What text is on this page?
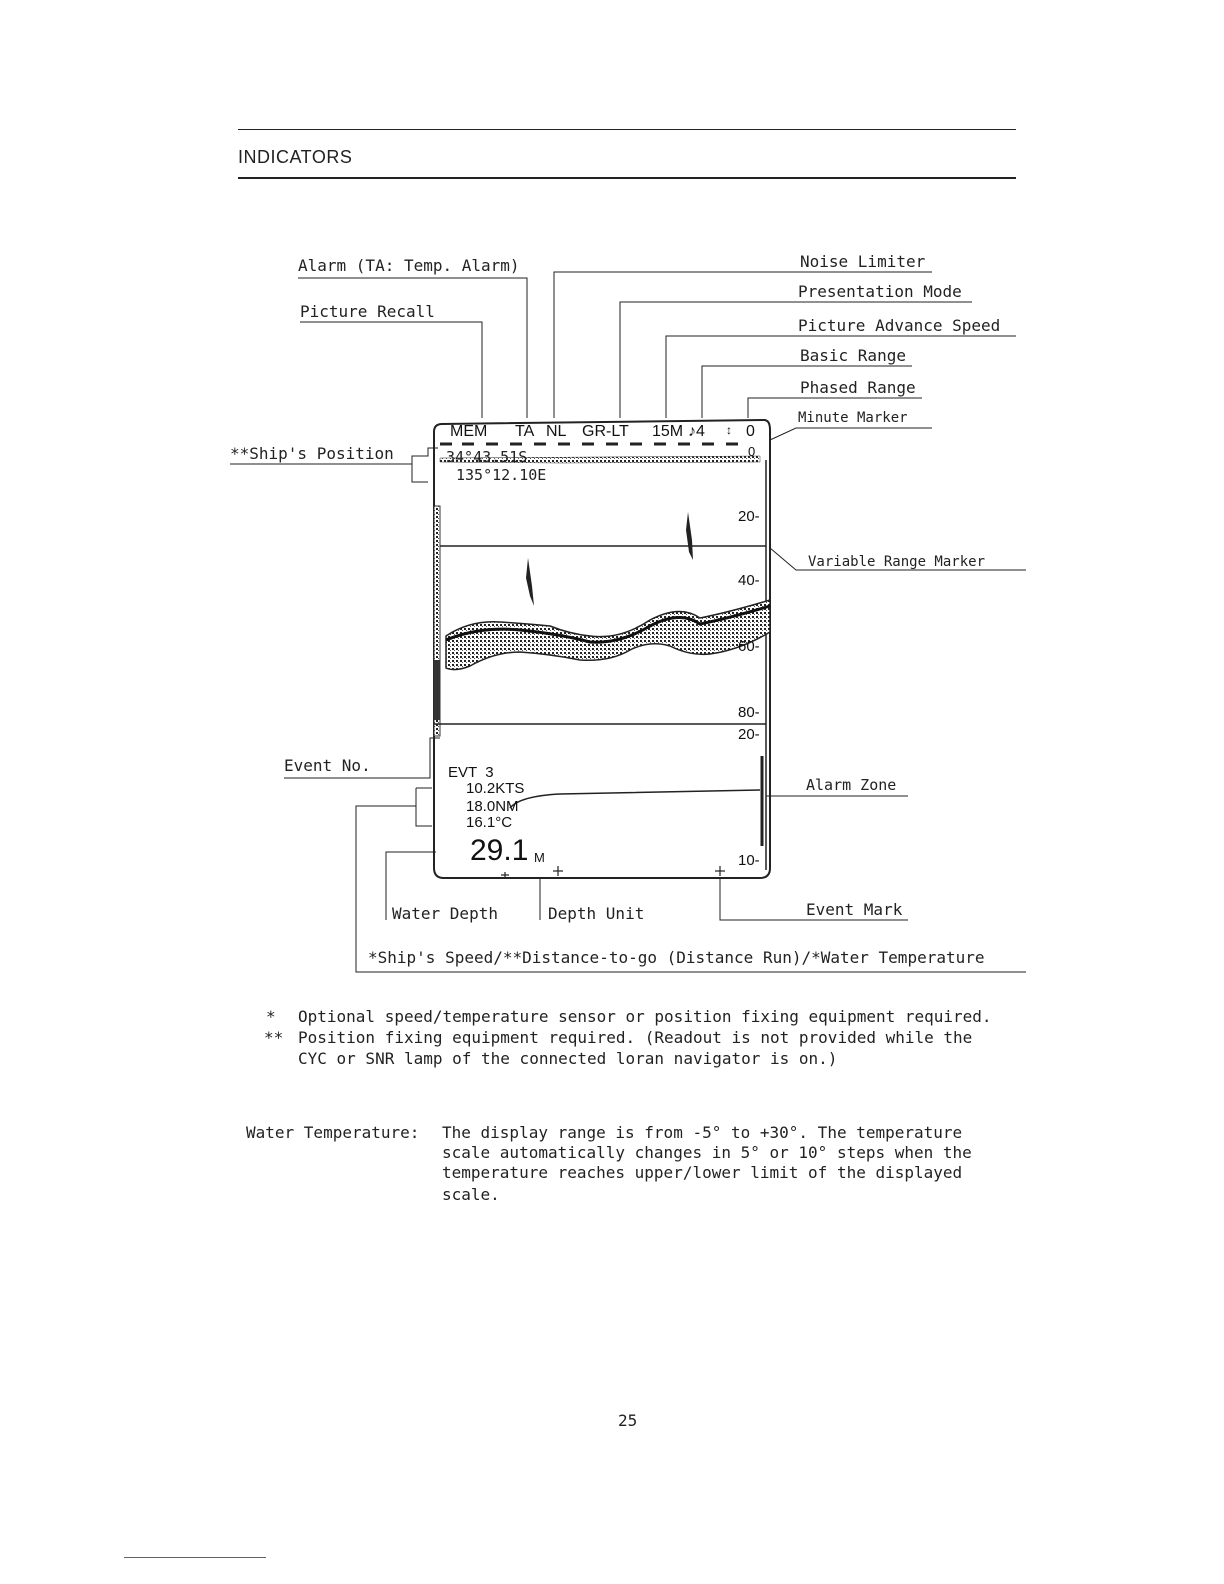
INDICATORS
MEM TA NL GR-LT 15M ♪4 ↕ 0
34°43.51S
135°12.10E
0
20-
40-
60-
80-
20-
10-
EVT  3
10.2KTS
18.0NM
16.1°C
29.1 M
Alarm (TA: Temp. Alarm)
Picture Recall
**Ship's Position
Noise Limiter
Presentation Mode
Picture Advance Speed
Basic Range
Phased Range
Minute Marker
Variable Range Marker
Event No.
Alarm Zone
Water Depth	Depth Unit	Event Mark
*Ship's Speed/**Distance-to-go (Distance Run)/*Water Temperature
* Optional speed/temperature sensor or position fixing equipment required.
** Position fixing equipment required. (Readout is not provided while the
CYC or SNR lamp of the connected loran navigator is on.)
Water Temperature: The display range is from -5° to +30°. The temperature
scale automatically changes in 5° or 10° steps when the
temperature reaches upper/lower limit of the displayed
scale.
25
